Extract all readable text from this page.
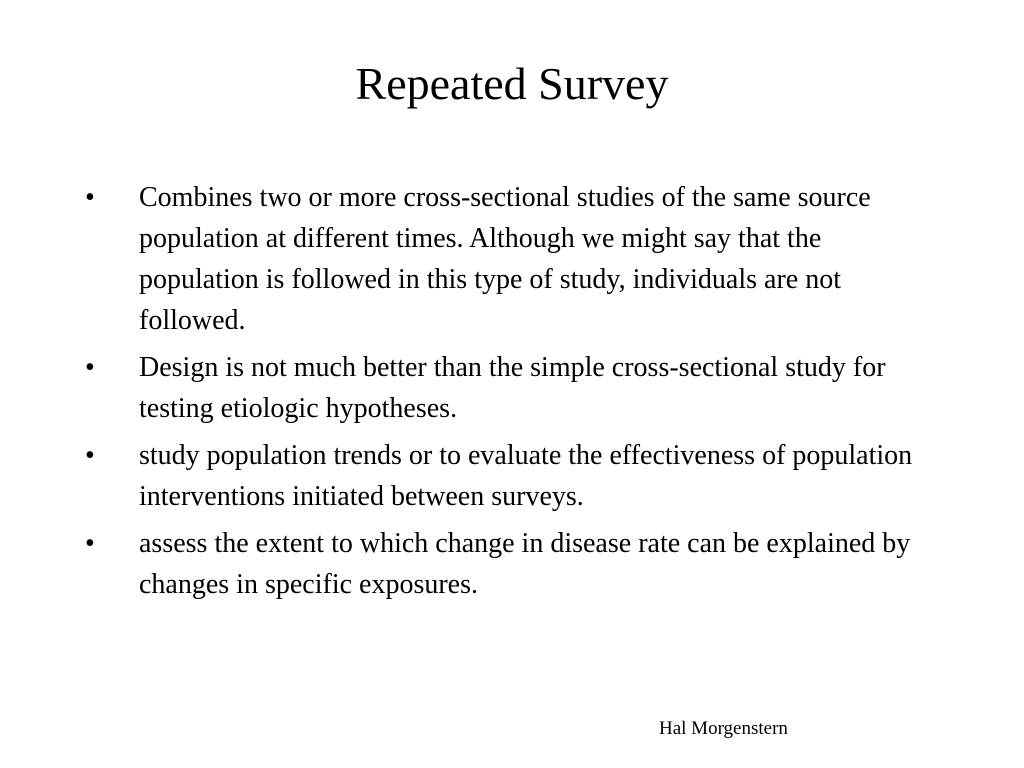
Repeated Survey
•	Combines two or more cross-sectional studies of the same source population at different times. Although we might say that the population is followed in this type of study, individuals are not followed.
•	Design is not much better than the simple cross-sectional study for testing etiologic hypotheses.
•	study population trends or to evaluate the effectiveness of population interventions initiated between surveys.
•	assess the extent to which change in disease rate can be explained by changes in specific exposures.
Hal Morgenstern
